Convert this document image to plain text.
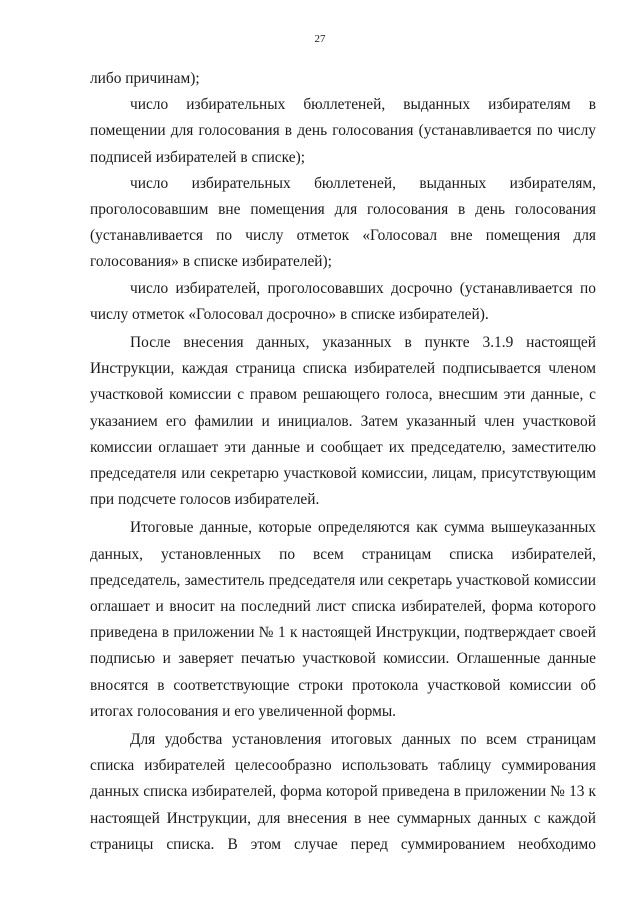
27

либо причинам);

число избирательных бюллетеней, выданных избирателям в помещении для голосования в день голосования (устанавливается по числу подписей избирателей в списке);

число избирательных бюллетеней, выданных избирателям, проголосовавшим вне помещения для голосования в день голосования (устанавливается по числу отметок «Голосовал вне помещения для голосования» в списке избирателей);

число избирателей, проголосовавших досрочно (устанавливается по числу отметок «Голосовал досрочно» в списке избирателей).

После внесения данных, указанных в пункте 3.1.9 настоящей Инструкции, каждая страница списка избирателей подписывается членом участковой комиссии с правом решающего голоса, внесшим эти данные, с указанием его фамилии и инициалов. Затем указанный член участковой комиссии оглашает эти данные и сообщает их председателю, заместителю председателя или секретарю участковой комиссии, лицам, присутствующим при подсчете голосов избирателей.

Итоговые данные, которые определяются как сумма вышеуказанных данных, установленных по всем страницам списка избирателей, председатель, заместитель председателя или секретарь участковой комиссии оглашает и вносит на последний лист списка избирателей, форма которого приведена в приложении № 1 к настоящей Инструкции, подтверждает своей подписью и заверяет печатью участковой комиссии. Оглашенные данные вносятся в соответствующие строки протокола участковой комиссии об итогах голосования и его увеличенной формы.

Для удобства установления итоговых данных по всем страницам списка избирателей целесообразно использовать таблицу суммирования данных списка избирателей, форма которой приведена в приложении № 13 к настоящей Инструкции, для внесения в нее суммарных данных с каждой страницы списка. В этом случае перед суммированием необходимо
